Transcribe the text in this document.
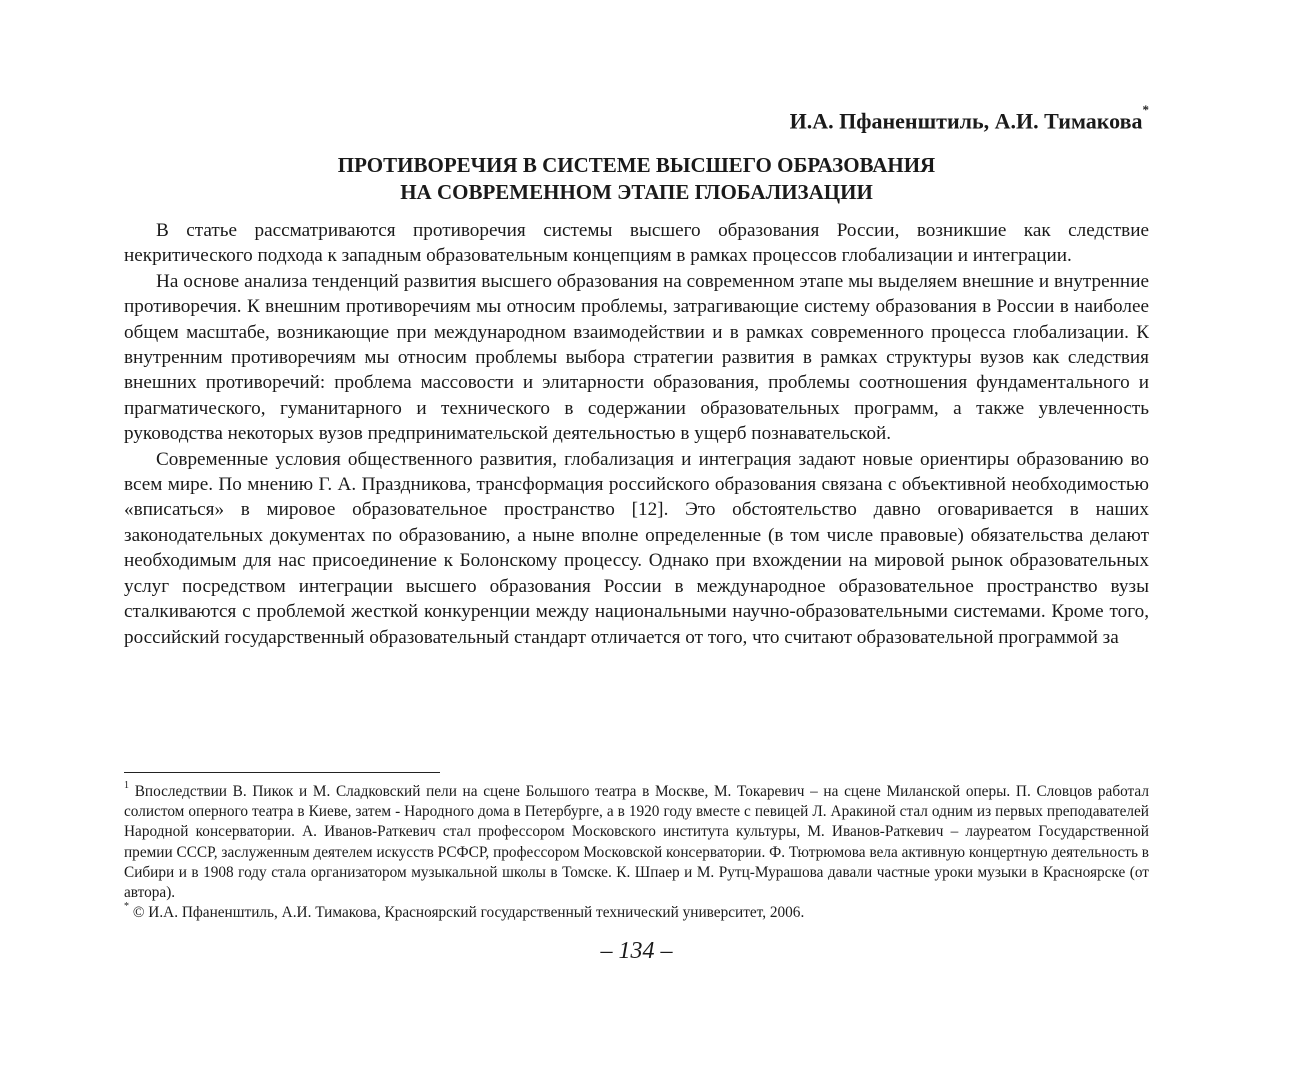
И.А. Пфаненштиль, А.И. Тимакова*
ПРОТИВОРЕЧИЯ В СИСТЕМЕ ВЫСШЕГО ОБРАЗОВАНИЯ
НА СОВРЕМЕННОМ ЭТАПЕ ГЛОБАЛИЗАЦИИ

В статье рассматриваются противоречия системы высшего образования России, возникшие как следствие некритического подхода к западным образовательным концепциям в рамках процессов глобализации и интеграции.

На основе анализа тенденций развития высшего образования на современном этапе мы выделяем внешние и внутренние противоречия. К внешним противоречиям мы относим проблемы, затрагивающие систему образования в России в наиболее общем масштабе, возникающие при международном взаимодействии и в рамках современного процесса глобализации. К внутренним противоречиям мы относим проблемы выбора стратегии развития в рамках структуры вузов как следствия внешних противоречий: проблема массовости и элитарности образования, проблемы соотношения фундаментального и прагматического, гуманитарного и технического в содержании образовательных программ, а также увлеченность руководства некоторых вузов предпринимательской деятельностью в ущерб познавательской.

Современные условия общественного развития, глобализация и интеграция задают новые ориентиры образованию во всем мире. По мнению Г. А. Праздникова, трансформация российского образования связана с объективной необходимостью «вписаться» в мировое образовательное пространство [12]. Это обстоятельство давно оговаривается в наших законодательных документах по образованию, а ныне вполне определенные (в том числе правовые) обязательства делают необходимым для нас присоединение к Болонскому процессу. Однако при вхождении на мировой рынок образовательных услуг посредством интеграции высшего образования России в международное образовательное пространство вузы сталкиваются с проблемой жесткой конкуренции между национальными научно-образовательными системами. Кроме того, российский государственный образовательный стандарт отличается от того, что считают образовательной программой за

$^1$ Впоследствии В. Пикок и М. Сладковский пели на сцене Большого театра в Москве, М. Токаревич – на сцене Миланской оперы. П. Словцов работал солистом оперного театра в Киеве, затем - Народного дома в Петербурге, а в 1920 году вместе с певицей Л. Аракиной стал одним из первых преподавателей Народной консерватории. А. Иванов-Раткевич стал профессором Московского института культуры, М. Иванов-Раткевич – лауреатом Государственной премии СССР, заслуженным деятелем искусств РСФСР, профессором Московской консерватории. Ф. Тютрюмова вела активную концертную деятельность в Сибири и в 1908 году стала организатором музыкальной школы в Томске. К. Шпаер и М. Рутц-Мурашова давали частные уроки музыки в Красноярске (от автора).

* © И.А. Пфаненштиль, А.И. Тимакова, Красноярский государственный технический университет, 2006.

– 134 –
